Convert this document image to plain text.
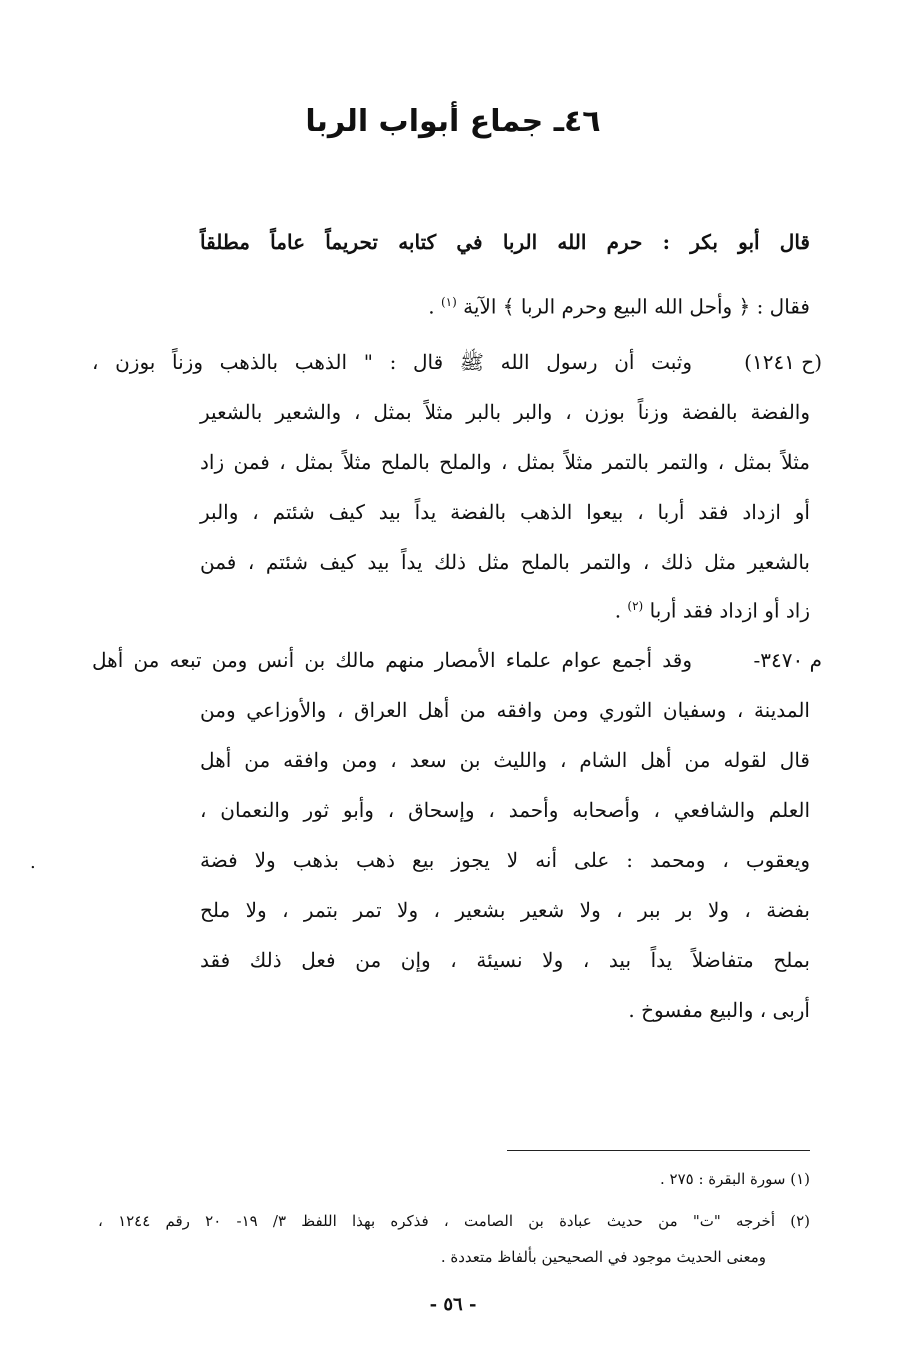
٤٦ـ جماع أبواب الربا
قال أبو بكر : حرم الله الربا في كتابه تحريماً عاماً مطلقاً
فقال : ﴿ وأحل الله البيع وحرم الربا ﴾ الآية $^{(١)}$ .
(ح ١٢٤١)
وثبت أن رسول الله ﷺ قال : " الذهب بالذهب وزناً بوزن ،
والفضة بالفضة وزناً بوزن ، والبر بالبر مثلاً بمثل ، والشعير بالشعير
مثلاً بمثل ، والتمر بالتمر مثلاً بمثل ، والملح بالملح مثلاً بمثل ، فمن زاد
أو ازداد فقد أربا ، بيعوا الذهب بالفضة يداً بيد كيف شئتم ، والبر
بالشعير مثل ذلك ، والتمر بالملح مثل ذلك يداً بيد كيف شئتم ، فمن
زاد أو ازداد فقد أربا $^{(٢)}$ .
م ٣٤٧٠-
وقد أجمع عوام علماء الأمصار منهم مالك بن أنس ومن تبعه من أهل
المدينة ، وسفيان الثوري ومن وافقه من أهل العراق ، والأوزاعي ومن
قال لقوله من أهل الشام ، والليث بن سعد ، ومن وافقه من أهل
العلم والشافعي ، وأصحابه وأحمد ، وإسحاق ، وأبو ثور والنعمان ،
ويعقوب ، ومحمد : على أنه لا يجوز بيع ذهب بذهب ولا فضة
بفضة ، ولا بر ببر ، ولا شعير بشعير ، ولا تمر بتمر ، ولا ملح
بملح متفاضلاً يداً بيد ، ولا نسيئة ، وإن من فعل ذلك فقد
أربى ، والبيع مفسوخ .
.
(١) سورة البقرة : ٢٧٥ .
(٢) أخرجه "ت" من حديث عبادة بن الصامت ، فذكره بهذا اللفظ ٣/ ١٩- ٢٠ رقم ١٢٤٤ ،
ومعنى الحديث موجود في الصحيحين بألفاظ متعددة .
- ٥٦ -
